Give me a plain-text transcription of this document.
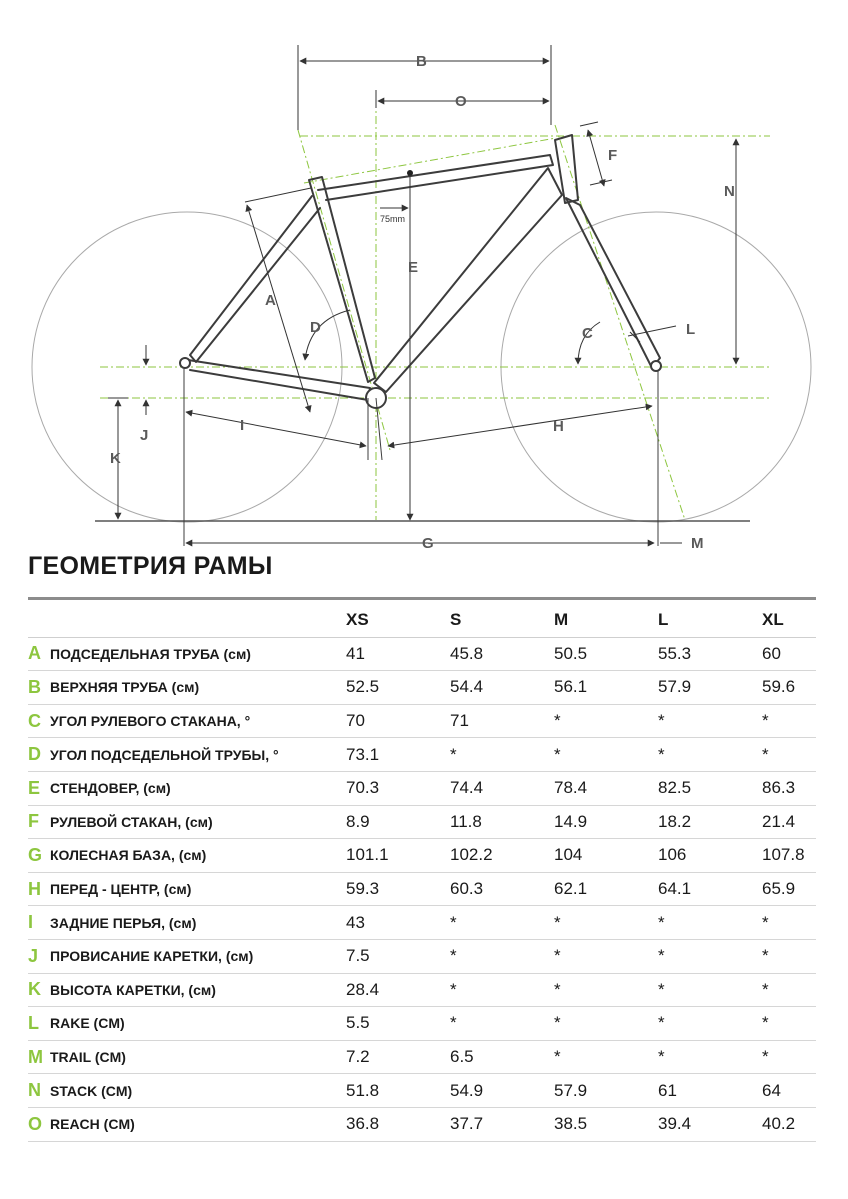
B
O
F
N
75mm
E
A
D	C	L
I	H
J
K
G	M
ГЕОМЕТРИЯ РАМЫ
		XS	S	M	L	XL
A	ПОДСЕДЕЛЬНАЯ ТРУБА (см)	41	45.8	50.5	55.3	60
B	ВЕРХНЯЯ ТРУБА (см)	52.5	54.4	56.1	57.9	59.6
C	УГОЛ РУЛЕВОГО СТАКАНА, °	70	71	*	*	*
D	УГОЛ ПОДСЕДЕЛЬНОЙ ТРУБЫ, °	73.1	*	*	*	*
E	СТЕНДОВЕР, (см)	70.3	74.4	78.4	82.5	86.3
F	РУЛЕВОЙ СТАКАН, (см)	8.9	11.8	14.9	18.2	21.4
G	КОЛЕСНАЯ БАЗА, (см)	101.1	102.2	104	106	107.8
H	ПЕРЕД - ЦЕНТР, (см)	59.3	60.3	62.1	64.1	65.9
I	ЗАДНИЕ ПЕРЬЯ, (см)	43	*	*	*	*
J	ПРОВИСАНИЕ КАРЕТКИ, (см)	7.5	*	*	*	*
K	ВЫСОТА КАРЕТКИ, (см)	28.4	*	*	*	*
L	RAKE (CM)	5.5	*	*	*	*
M	TRAIL (CM)	7.2	6.5	*	*	*
N	STACK (CM)	51.8	54.9	57.9	61	64
O	REACH (CM)	36.8	37.7	38.5	39.4	40.2
